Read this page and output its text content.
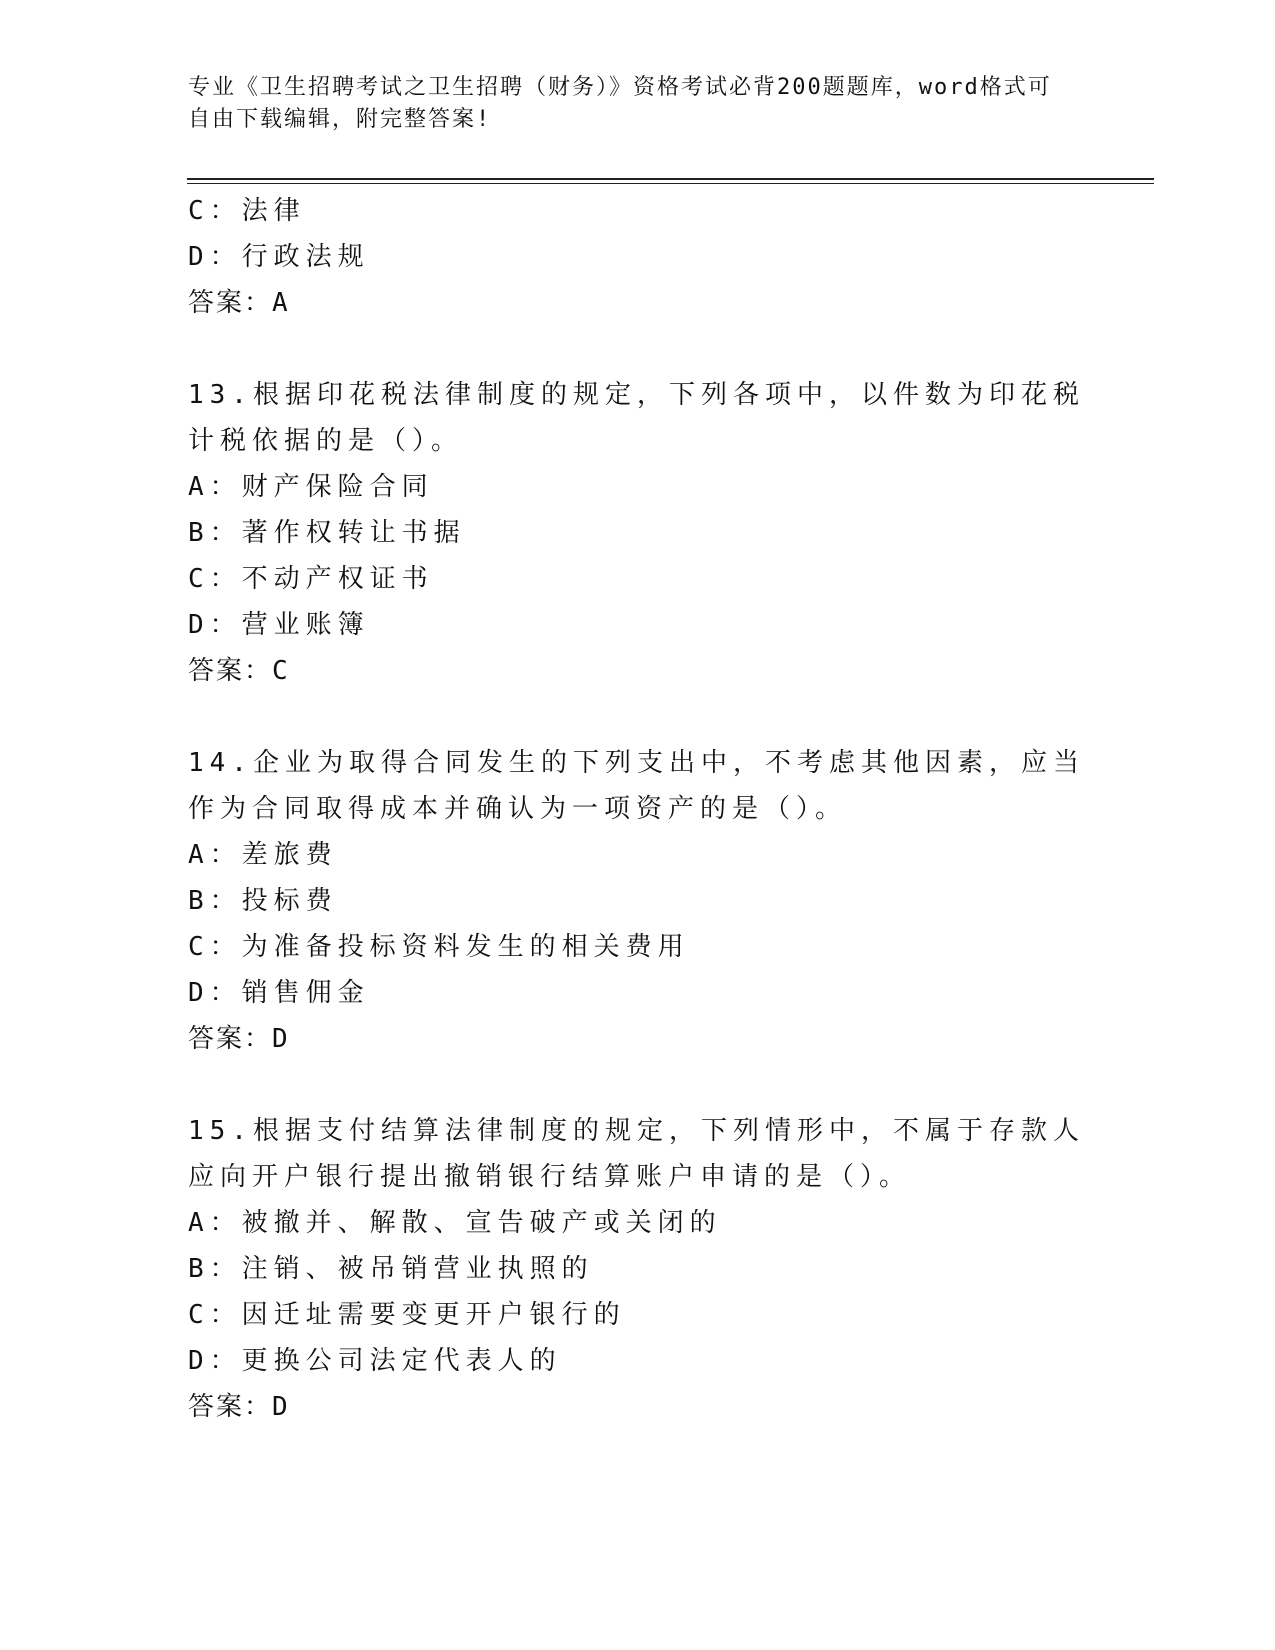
专业《卫生招聘考试之卫生招聘（财务）》资格考试必背200题题库，word格式可自由下载编辑，附完整答案!
C：法律
D：行政法规
答案：A
13.根据印花税法律制度的规定，下列各项中，以件数为印花税计税依据的是（）。
A：财产保险合同
B：著作权转让书据
C：不动产权证书
D：营业账簿
答案：C
14.企业为取得合同发生的下列支出中，不考虑其他因素，应当作为合同取得成本并确认为一项资产的是（）。
A：差旅费
B：投标费
C：为准备投标资料发生的相关费用
D：销售佣金
答案：D
15.根据支付结算法律制度的规定，下列情形中，不属于存款人应向开户银行提出撤销银行结算账户申请的是（）。
A：被撤并、解散、宣告破产或关闭的
B：注销、被吊销营业执照的
C：因迁址需要变更开户银行的
D：更换公司法定代表人的
答案：D
